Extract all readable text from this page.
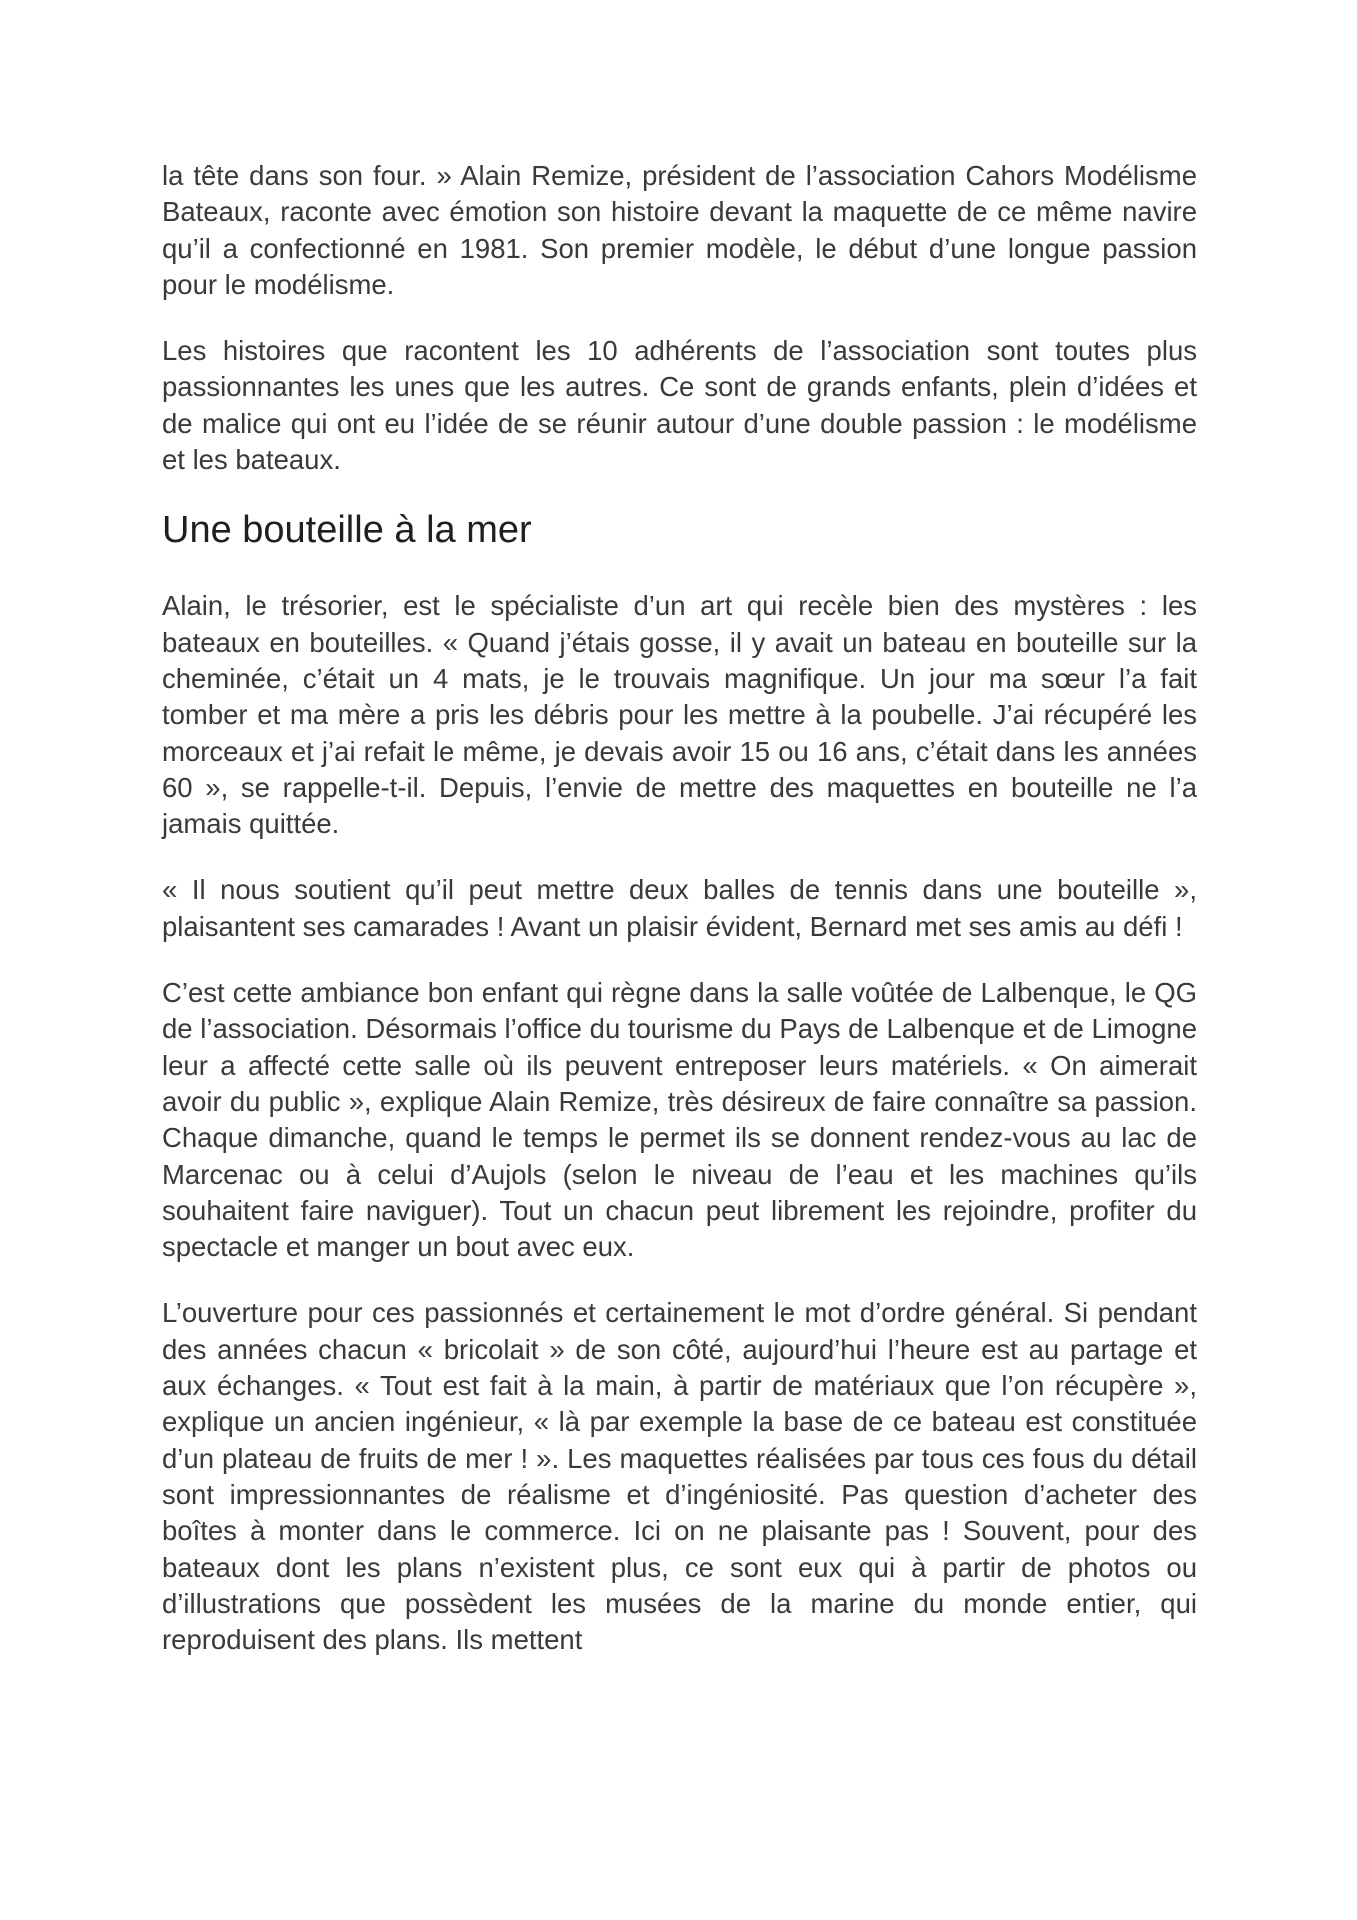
la tête dans son four. » Alain Remize, président de l’association Cahors Modélisme Bateaux, raconte avec émotion son histoire devant la maquette de ce même navire qu’il a confectionné en 1981. Son premier modèle, le début d’une longue passion pour le modélisme.

Les histoires que racontent les 10 adhérents de l’association sont toutes plus passionnantes les unes que les autres. Ce sont de grands enfants, plein d’idées et de malice qui ont eu l’idée de se réunir autour d’une double passion : le modélisme et les bateaux.

Une bouteille à la mer

Alain, le trésorier, est le spécialiste d’un art qui recèle bien des mystères : les bateaux en bouteilles. « Quand j’étais gosse, il y avait un bateau en bouteille sur la cheminée, c’était un 4 mats, je le trouvais magnifique. Un jour ma sœur l’a fait tomber et ma mère a pris les débris pour les mettre à la poubelle. J’ai récupéré les morceaux et j’ai refait le même, je devais avoir 15 ou 16 ans, c’était dans les années 60 », se rappelle-t-il. Depuis, l’envie de mettre des maquettes en bouteille ne l’a jamais quittée.

« Il nous soutient qu’il peut mettre deux balles de tennis dans une bouteille », plaisantent ses camarades ! Avant un plaisir évident, Bernard met ses amis au défi !

C’est cette ambiance bon enfant qui règne dans la salle voûtée de Lalbenque, le QG de l’association. Désormais l’office du tourisme du Pays de Lalbenque et de Limogne leur a affecté cette salle où ils peuvent entreposer leurs matériels. « On aimerait avoir du public », explique Alain Remize, très désireux de faire connaître sa passion. Chaque dimanche, quand le temps le permet ils se donnent rendez-vous au lac de Marcenac ou à celui d’Aujols (selon le niveau de l’eau et les machines qu’ils souhaitent faire naviguer). Tout un chacun peut librement les rejoindre, profiter du spectacle et manger un bout avec eux.

L’ouverture pour ces passionnés et certainement le mot d’ordre général. Si pendant des années chacun « bricolait » de son côté, aujourd’hui l’heure est au partage et aux échanges. « Tout est fait à la main, à partir de matériaux que l’on récupère », explique un ancien ingénieur, « là par exemple la base de ce bateau est constituée d’un plateau de fruits de mer ! ». Les maquettes réalisées par tous ces fous du détail sont impressionnantes de réalisme et d’ingéniosité. Pas question d’acheter des boîtes à monter dans le commerce. Ici on ne plaisante pas ! Souvent, pour des bateaux dont les plans n’existent plus, ce sont eux qui à partir de photos ou d’illustrations que possèdent les musées de la marine du monde entier, qui reproduisent des plans. Ils mettent
